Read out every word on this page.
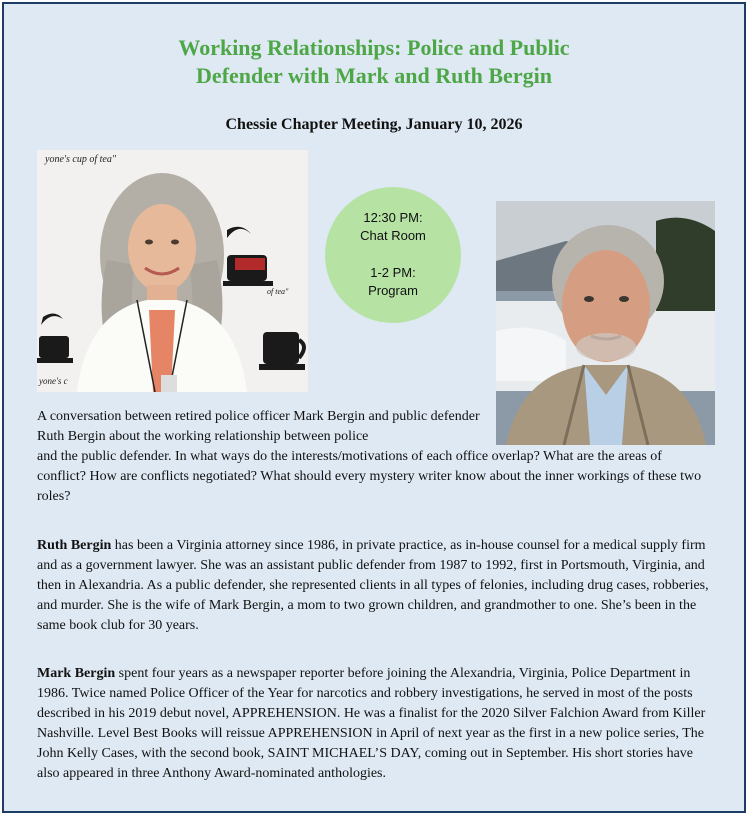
Working Relationships: Police and Public
Defender with Mark and Ruth Bergin
Chessie Chapter Meeting, January 10, 2026
yone's cup of tea"
of tea"
yone's c
12:30 PM:
Chat Room
1-2 PM:
Program

A conversation between retired police officer Mark Bergin and public defender Ruth Bergin about the working relationship between police
and the public defender. In what ways do the interests/motivations of each office overlap? What are the areas of conflict? How are conflicts negotiated? What should every mystery writer know about the inner workings of these two roles?

Ruth Bergin has been a Virginia attorney since 1986, in private practice, as in-house counsel for a medical supply firm and as a government lawyer. She was an assistant public defender from 1987 to 1992, first in Portsmouth, Virginia, and then in Alexandria. As a public defender, she represented clients in all types of felonies, including drug cases, robberies, and murder. She is the wife of Mark Bergin, a mom to two grown children, and grandmother to one. She’s been in the same book club for 30 years.

Mark Bergin spent four years as a newspaper reporter before joining the Alexandria, Virginia, Police Department in 1986. Twice named Police Officer of the Year for narcotics and robbery investigations, he served in most of the posts described in his 2019 debut novel, APPREHENSION. He was a finalist for the 2020 Silver Falchion Award from Killer Nashville. Level Best Books will reissue APPREHENSION in April of next year as the first in a new police series, The John Kelly Cases, with the second book, SAINT MICHAEL’S DAY, coming out in September. His short stories have also appeared in three Anthony Award-nominated anthologies.
